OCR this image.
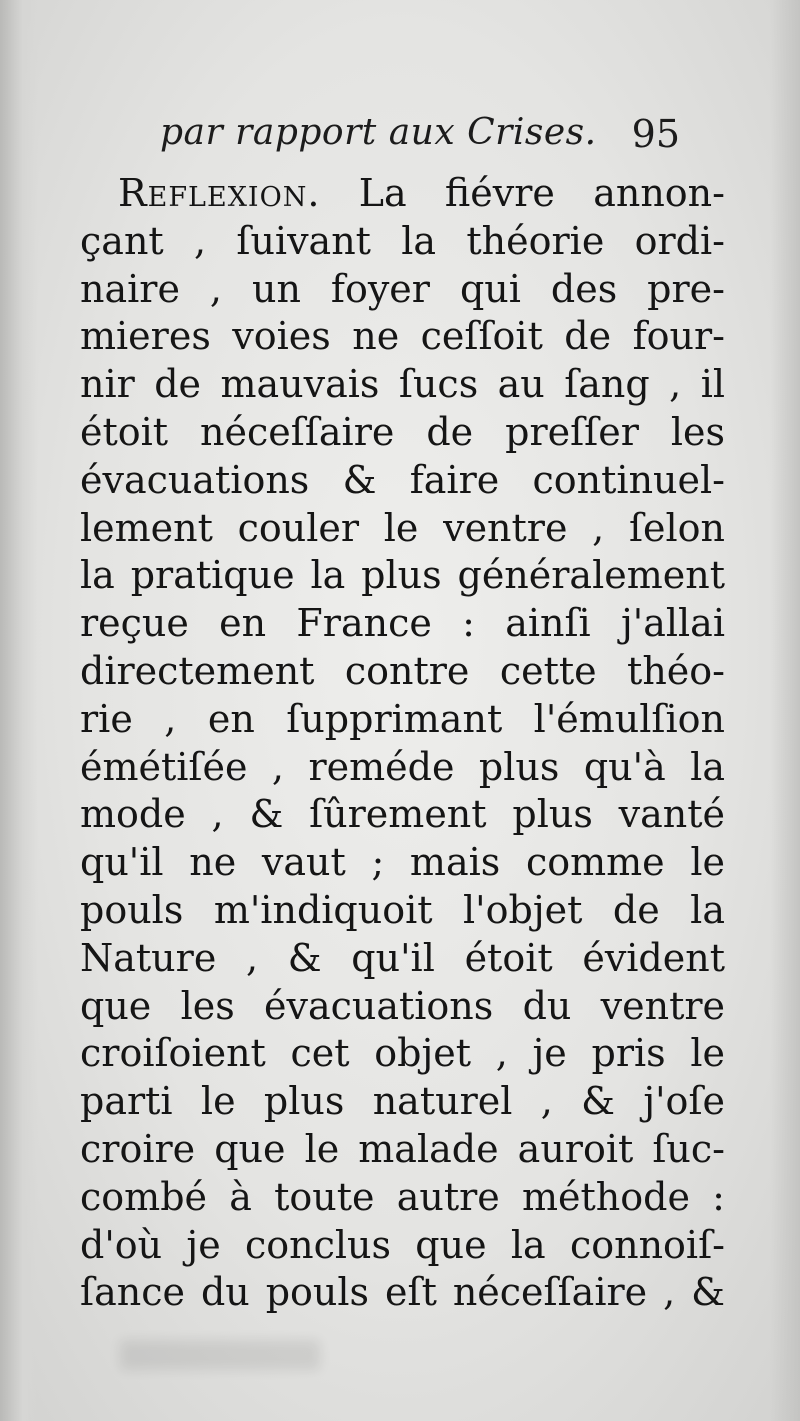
par rapport aux Crises. 95
Reflexion. La fiévre annon-
çant , ſuivant la théorie ordi-
naire , un foyer qui des pre-
mieres voies ne ceſſoit de four-
nir de mauvais ſucs au ſang , il
étoit néceſſaire de preſſer les
évacuations & faire continuel-
lement couler le ventre , ſelon
la pratique la plus généralement
reçue en France : ainſi j'allai
directement contre cette théo-
rie , en ſupprimant l'émulſion
émétiſée , reméde plus qu'à la
mode , & ſûrement plus vanté
qu'il ne vaut ; mais comme le
pouls m'indiquoit l'objet de la
Nature , & qu'il étoit évident
que les évacuations du ventre
croiſoient cet objet , je pris le
parti le plus naturel , & j'oſe
croire que le malade auroit ſuc-
combé à toute autre méthode :
d'où je conclus que la connoiſ-
ſance du pouls eſt néceſſaire , &
